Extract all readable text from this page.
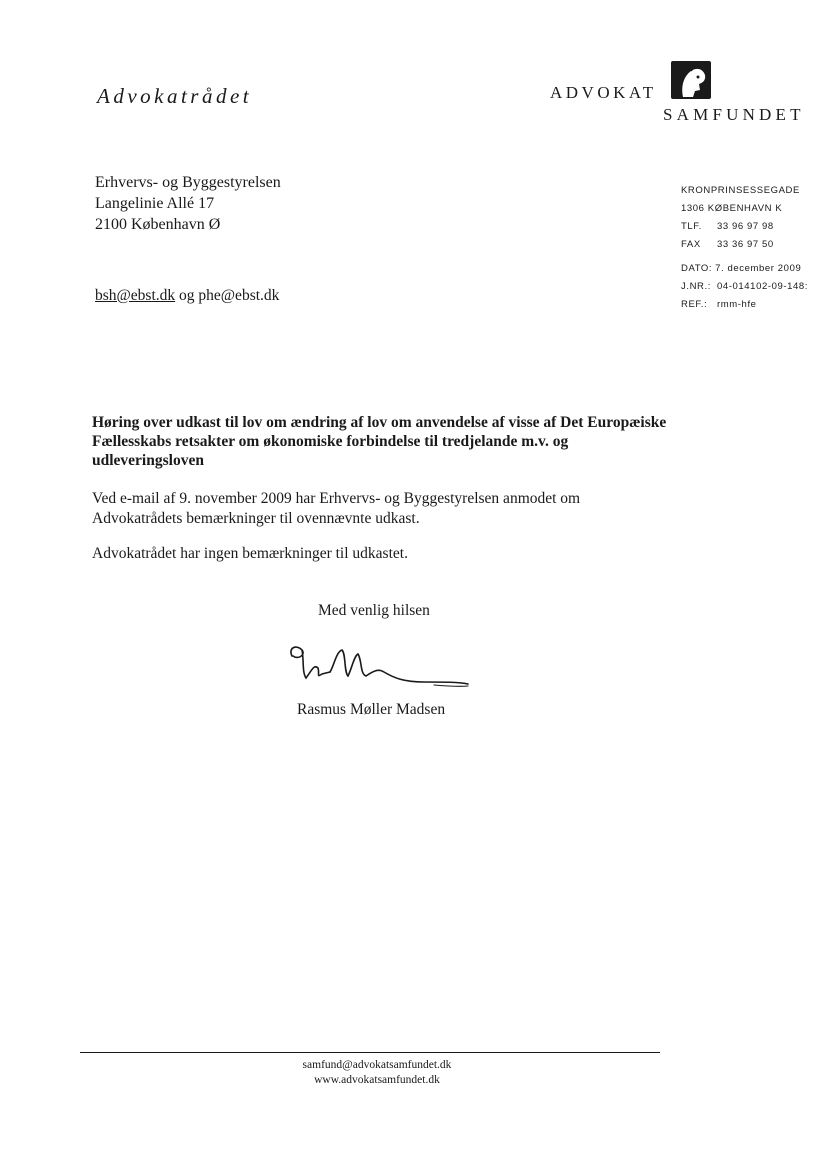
Advokatrådet	ADVOKAT
SAMFUNDET
Erhvervs- og Byggestyrelsen
Langelinie Allé 17
2100 København Ø
bsh@ebst.dk og phe@ebst.dk
KRONPRINSESSEGADE
1306 KØBENHAVN K
TLF.	33 96 97 98
FAX	33 36 97 50
DATO: 7. december 2009
J.NR.: 04-014102-09-148:
REF.:	rmm-hfe
Høring over udkast til lov om ændring af lov om anvendelse af visse af Det Europæiske Fællesskabs retsakter om økonomiske forbindelse til tredjelande m.v. og udleveringsloven
Ved e-mail af 9. november 2009 har Erhvervs- og Byggestyrelsen anmodet om Advokatrådets bemærkninger til ovennævnte udkast.
Advokatrådet har ingen bemærkninger til udkastet.
Med venlig hilsen
Rasmus Møller Madsen
samfund@advokatsamfundet.dk
www.advokatsamfundet.dk
